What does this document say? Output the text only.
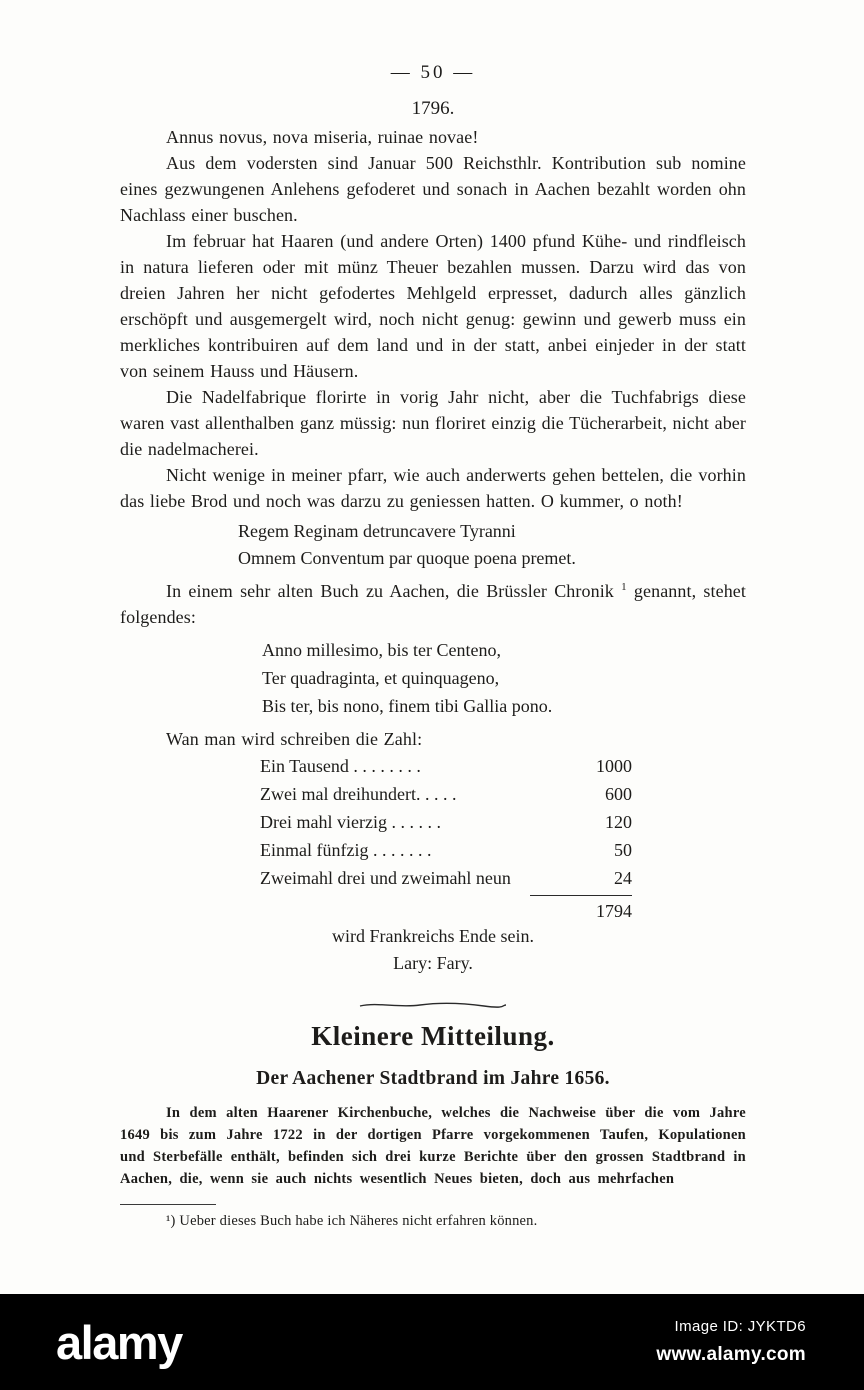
— 50 —
1796.

Annus novus, nova miseria, ruinae novae!

Aus dem vodersten sind Januar 500 Reichsthlr. Kontribution sub nomine eines gezwungenen Anlehens gefoderet und sonach in Aachen bezahlt worden ohn Nachlass einer buschen.

Im februar hat Haaren (und andere Orten) 1400 pfund Kühe- und rindfleisch in natura lieferen oder mit münz Theuer bezahlen mussen. Darzu wird das von dreien Jahren her nicht gefodertes Mehlgeld erpresset, dadurch alles gänzlich erschöpft und ausgemergelt wird, noch nicht genug: gewinn und gewerb muss ein merkliches kontribuiren auf dem land und in der statt, anbei einjeder in der statt von seinem Hauss und Häusern.

Die Nadelfabrique florirte in vorig Jahr nicht, aber die Tuchfabrigs diese waren vast allenthalben ganz müssig: nun floriret einzig die Tücherarbeit, nicht aber die nadelmacherei.

Nicht wenige in meiner pfarr, wie auch anderwerts gehen bettelen, die vorhin das liebe Brod und noch was darzu zu geniessen hatten. O kummer, o noth!

Regem Reginam detruncavere Tyranni
Omnem Conventum par quoque poena premet.

In einem sehr alten Buch zu Aachen, die Brüssler Chronik $^1$ genannt, stehet folgendes:

Anno millesimo, bis ter Centeno,
Ter quadraginta, et quinquageno,
Bis ter, bis nono, finem tibi Gallia pono.

Wan man wird schreiben die Zahl:

Ein Tausend . . . . . . . .	1000
Zwei mal dreihundert. . . . .	600
Drei mahl vierzig . . . . . .	120
Einmal fünfzig . . . . . . .	50
Zweimahl drei und zweimahl neun	24
1794
wird Frankreichs Ende sein.
Lary: Fary.
Kleinere Mitteilung.
Der Aachener Stadtbrand im Jahre 1656.

In dem alten Haarener Kirchenbuche, welches die Nachweise über die vom Jahre 1649 bis zum Jahre 1722 in der dortigen Pfarre vorgekommenen Taufen, Kopulationen und Sterbefälle enthält, befinden sich drei kurze Berichte über den grossen Stadtbrand in Aachen, die, wenn sie auch nichts wesentlich Neues bieten, doch aus mehrfachen

¹) Ueber dieses Buch habe ich Näheres nicht erfahren können.
alamy	Image ID: JYKTD6
www.alamy.com
